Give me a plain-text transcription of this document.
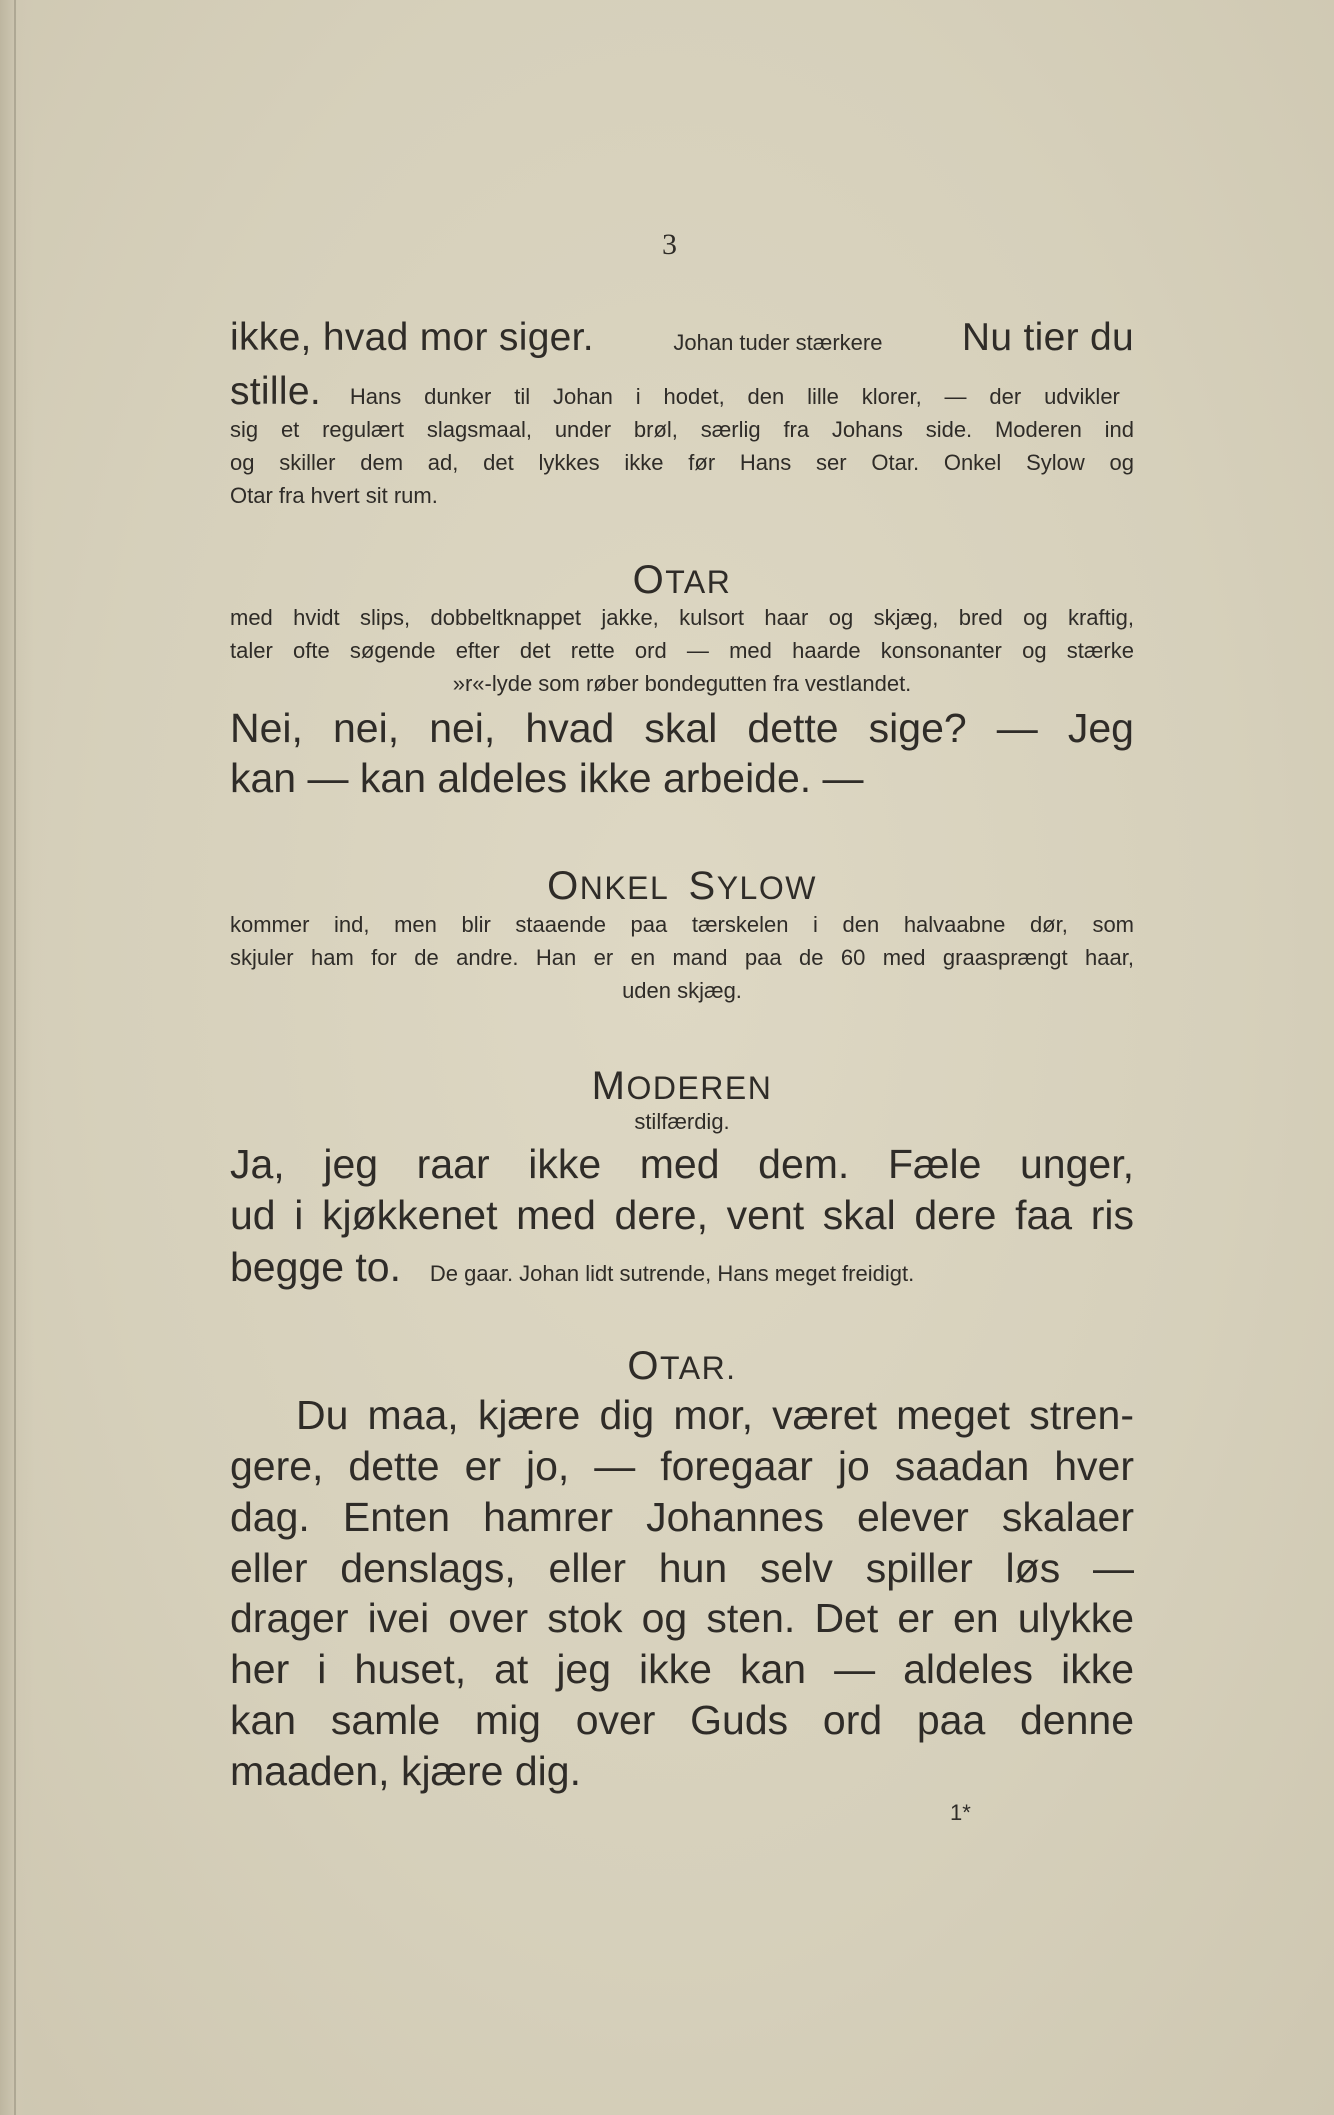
3
ikke, hvad mor siger.	Johan tuder stærkere Nu tier du
stille. Hans dunker til Johan i hodet, den lille klorer, — der udvikler
sig et regulært slagsmaal, under brøl, særlig fra Johans side. Moderen ind
og skiller dem ad, det lykkes ikke før Hans ser Otar. Onkel Sylow og
Otar fra hvert sit rum.
OTAR
med hvidt slips, dobbeltknappet jakke, kulsort haar og skjæg, bred og kraftig,
taler ofte søgende efter det rette ord — med haarde konsonanter og stærke
»r«-lyde som røber bondegutten fra vestlandet.
Nei, nei, nei, hvad skal dette sige? — Jeg
kan — kan aldeles ikke arbeide. —
ONKEL SYLOW
kommer ind, men blir staaende paa tærskelen i den halvaabne dør, som
skjuler ham for de andre. Han er en mand paa de 60 med graasprængt haar,
uden skjæg.
MODEREN
stilfærdig.
Ja, jeg raar ikke med dem. Fæle unger,
ud i kjøkkenet med dere, vent skal dere faa ris
begge to. De gaar. Johan lidt sutrende, Hans meget freidigt.
OTAR.
Du maa, kjære dig mor, været meget stren-
gere, dette er jo, — foregaar jo saadan hver
dag. Enten hamrer Johannes elever skalaer
eller denslags, eller hun selv spiller løs —
drager ivei over stok og sten. Det er en ulykke
her i huset, at jeg ikke kan — aldeles ikke
kan samle mig over Guds ord paa denne
maaden, kjære dig.
1*
